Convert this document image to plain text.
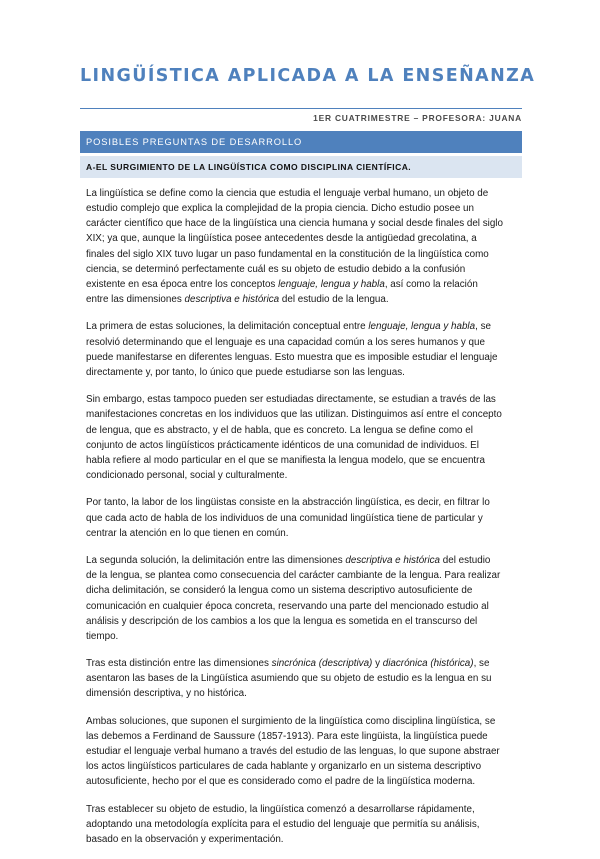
LINGÜÍSTICA APLICADA A LA ENSEÑANZA
1ER CUATRIMESTRE – PROFESORA: JUANA
POSIBLES PREGUNTAS DE DESARROLLO
A-EL SURGIMIENTO DE LA LINGÜÍSTICA COMO DISCIPLINA CIENTÍFICA.

La lingüística se define como la ciencia que estudia el lenguaje verbal humano, un objeto de
estudio complejo que explica la complejidad de la propia ciencia. Dicho estudio posee un
carácter científico que hace de la lingüística una ciencia humana y social desde finales del siglo
XIX; ya que, aunque la lingüística posee antecedentes desde la antigüedad grecolatina, a
finales del siglo XIX tuvo lugar un paso fundamental en la constitución de la lingüística como
ciencia, se determinó perfectamente cuál es su objeto de estudio debido a la confusión
existente en esa época entre los conceptos lenguaje, lengua y habla, así como la relación
entre las dimensiones descriptiva e histórica del estudio de la lengua.

La primera de estas soluciones, la delimitación conceptual entre lenguaje, lengua y habla, se
resolvió determinando que el lenguaje es una capacidad común a los seres humanos y que
puede manifestarse en diferentes lenguas. Esto muestra que es imposible estudiar el lenguaje
directamente y, por tanto, lo único que puede estudiarse son las lenguas.

Sin embargo, estas tampoco pueden ser estudiadas directamente, se estudian a través de las
manifestaciones concretas en los individuos que las utilizan. Distinguimos así entre el concepto
de lengua, que es abstracto, y el de habla, que es concreto. La lengua se define como el
conjunto de actos lingüísticos prácticamente idénticos de una comunidad de individuos. El
habla refiere al modo particular en el que se manifiesta la lengua modelo, que se encuentra
condicionado personal, social y culturalmente.

Por tanto, la labor de los lingüistas consiste en la abstracción lingüística, es decir, en filtrar lo
que cada acto de habla de los individuos de una comunidad lingüística tiene de particular y
centrar la atención en lo que tienen en común.

La segunda solución, la delimitación entre las dimensiones descriptiva e histórica del estudio
de la lengua, se plantea como consecuencia del carácter cambiante de la lengua. Para realizar
dicha delimitación, se consideró la lengua como un sistema descriptivo autosuficiente de
comunicación en cualquier época concreta, reservando una parte del mencionado estudio al
análisis y descripción de los cambios a los que la lengua es sometida en el transcurso del
tiempo.

Tras esta distinción entre las dimensiones sincrónica (descriptiva) y diacrónica (histórica), se
asentaron las bases de la Lingüística asumiendo que su objeto de estudio es la lengua en su
dimensión descriptiva, y no histórica.

Ambas soluciones, que suponen el surgimiento de la lingüística como disciplina lingüística, se
las debemos a Ferdinand de Saussure (1857-1913). Para este lingüista, la lingüística puede
estudiar el lenguaje verbal humano a través del estudio de las lenguas, lo que supone abstraer
los actos lingüísticos particulares de cada hablante y organizarlo en un sistema descriptivo
autosuficiente, hecho por el que es considerado como el padre de la lingüística moderna.

Tras establecer su objeto de estudio, la lingüística comenzó a desarrollarse rápidamente,
adoptando una metodología explícita para el estudio del lenguaje que permitía su análisis,
basado en la observación y experimentación.
